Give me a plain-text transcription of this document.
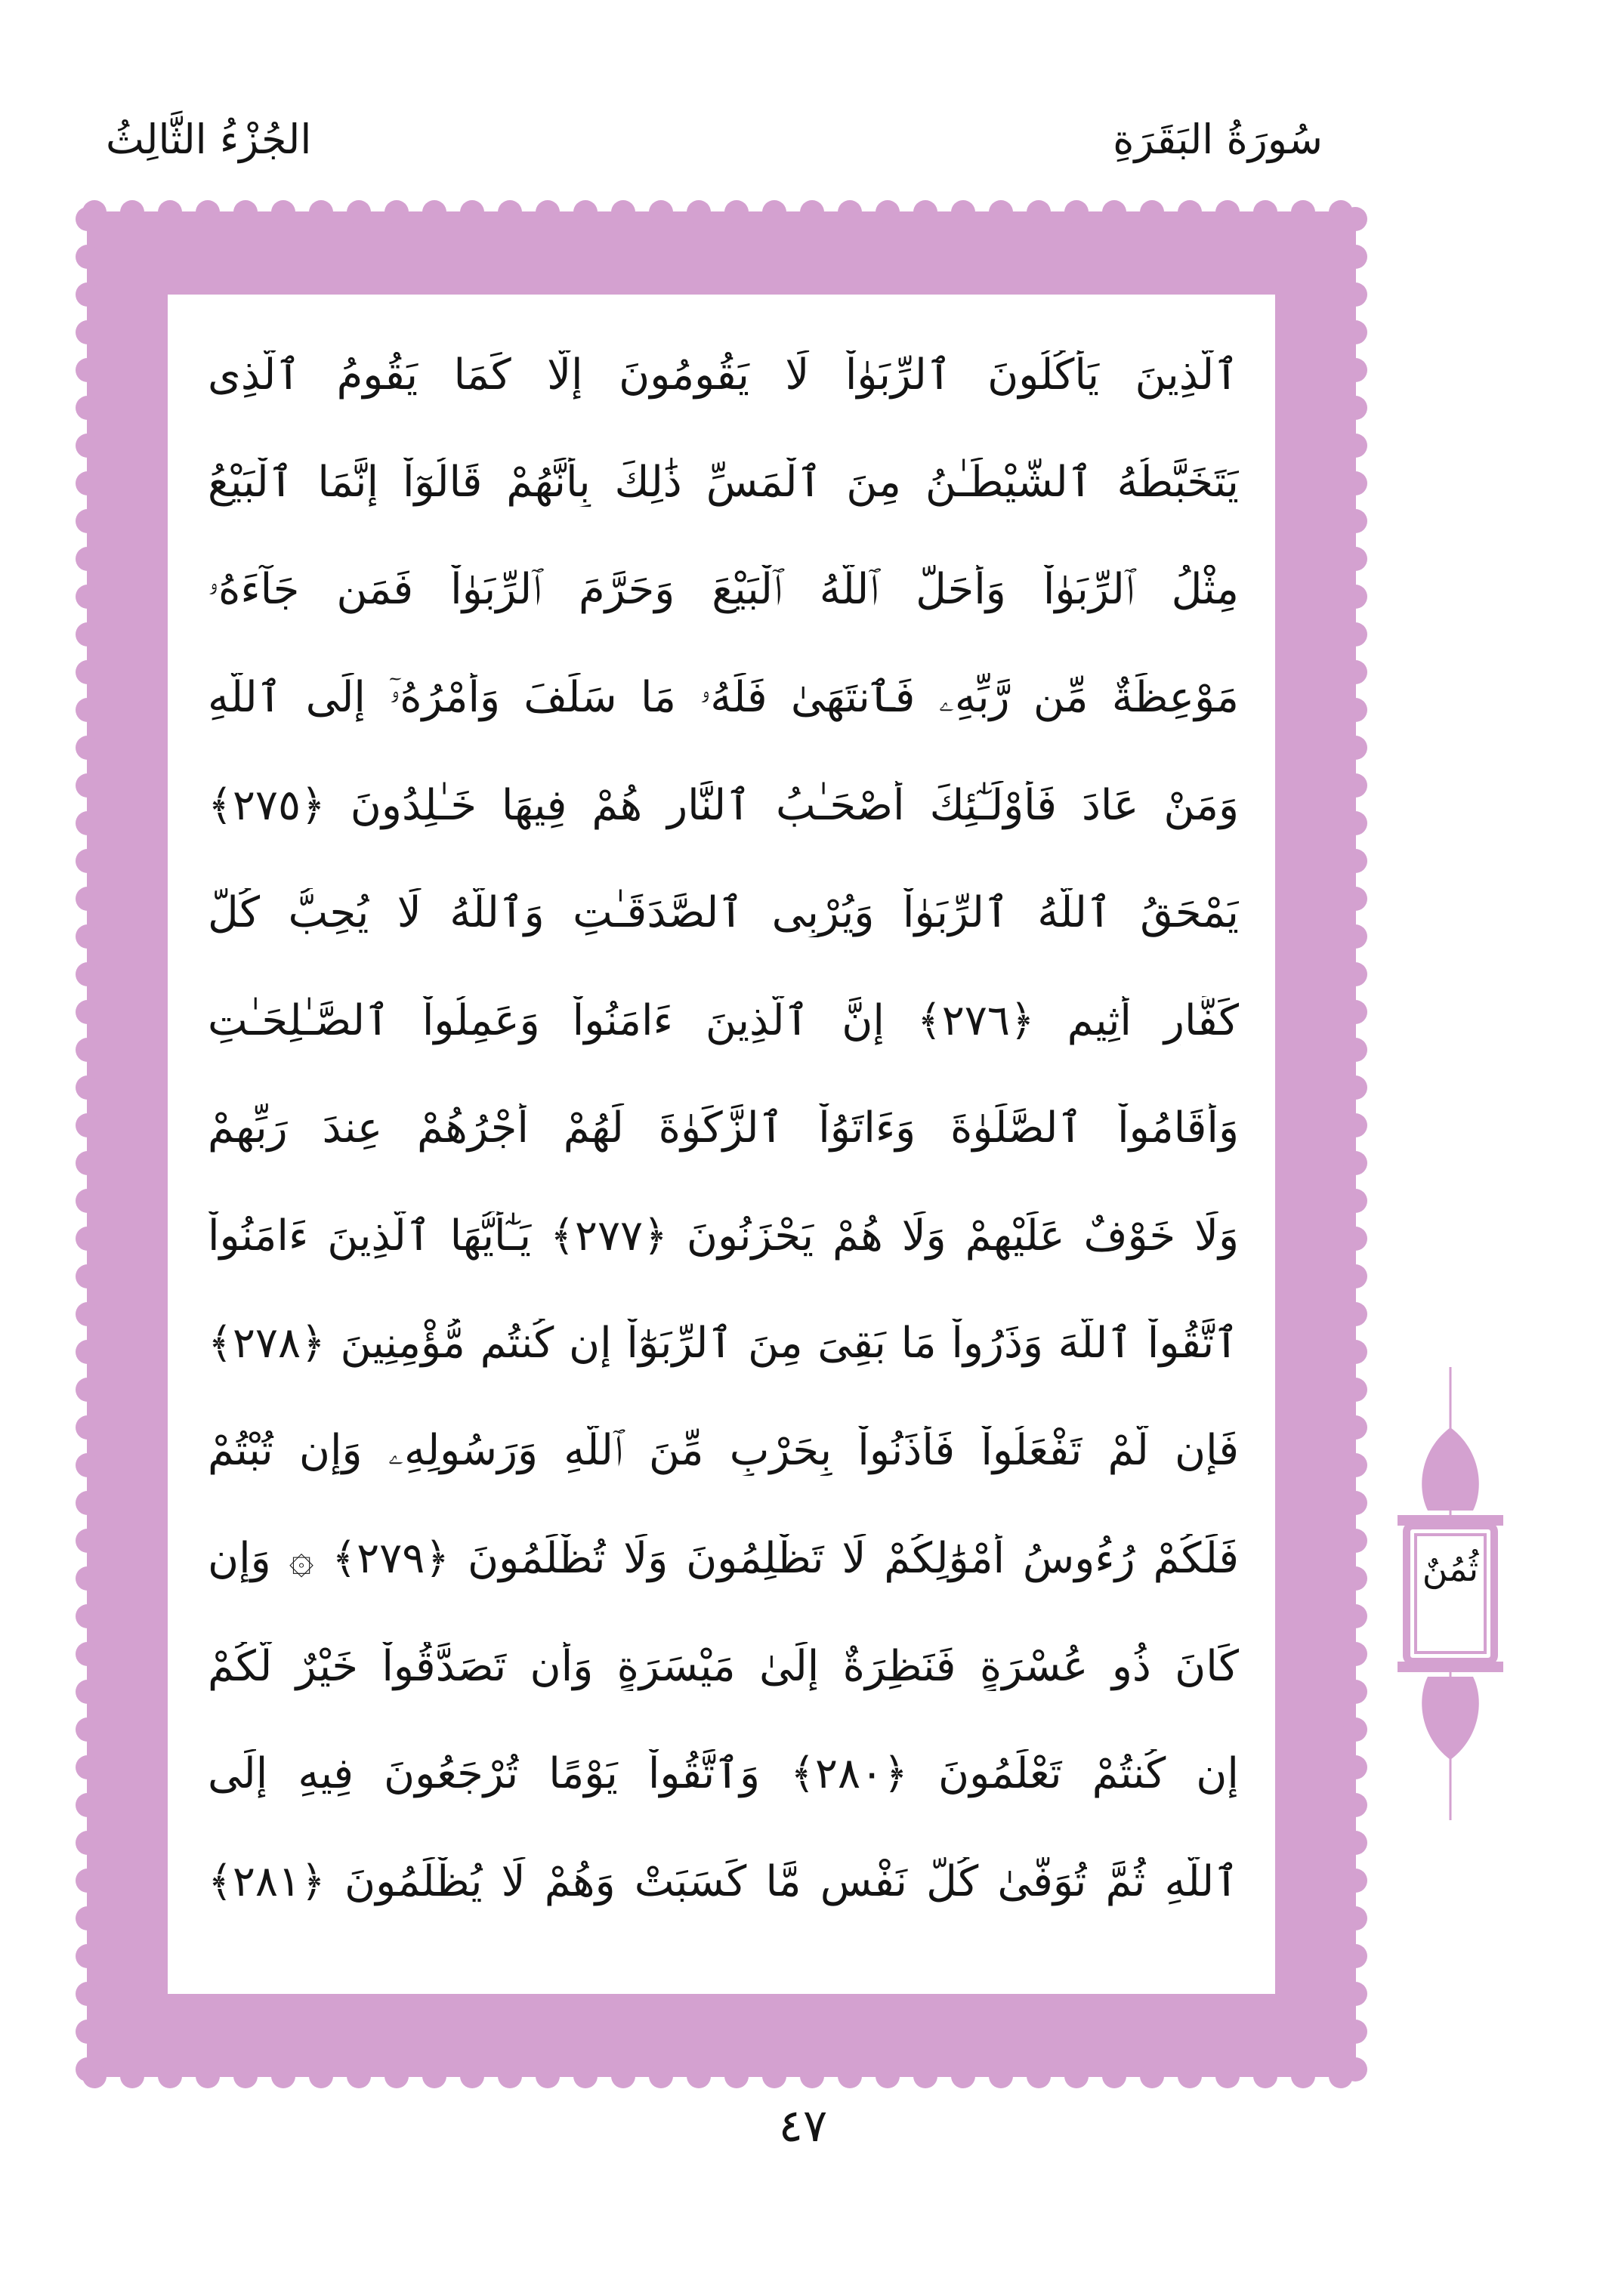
سُورَةُ البَقَرَةِ
الجُزْءُ الثَّالِثُ
ٱلَّذِينَ يَأْكُلُونَ ٱلرِّبَوٰاْ لَا يَقُومُونَ إِلَّا كَمَا يَقُومُ ٱلَّذِى
يَتَخَبَّطُهُ ٱلشَّيْطَـٰنُ مِنَ ٱلْمَسِّ ذَٰلِكَ بِأَنَّهُمْ قَالُوٓاْ إِنَّمَا ٱلْبَيْعُ
مِثْلُ ٱلرِّبَوٰاْ وَأَحَلَّ ٱللَّهُ ٱلْبَيْعَ وَحَرَّمَ ٱلرِّبَوٰاْ فَمَن جَآءَهُۥ
مَوْعِظَةٌ مِّن رَّبِّهِۦ فَٱنتَهَىٰ فَلَهُۥ مَا سَلَفَ وَأَمْرُهُۥٓ إِلَى ٱللَّهِ
وَمَنْ عَادَ فَأُوْلَـٰٓئِكَ أَصْحَـٰبُ ٱلنَّارِ هُمْ فِيهَا خَـٰلِدُونَ ﴿٢٧٥﴾
يَمْحَقُ ٱللَّهُ ٱلرِّبَوٰاْ وَيُرْبِى ٱلصَّدَقَـٰتِ وَٱللَّهُ لَا يُحِبُّ كُلَّ
كَفَّارٍ أَثِيمٍ ﴿٢٧٦﴾ إِنَّ ٱلَّذِينَ ءَامَنُواْ وَعَمِلُواْ ٱلصَّـٰلِحَـٰتِ
وَأَقَامُواْ ٱلصَّلَوٰةَ وَءَاتَوُاْ ٱلزَّكَوٰةَ لَهُمْ أَجْرُهُمْ عِندَ رَبِّهِمْ
وَلَا خَوْفٌ عَلَيْهِمْ وَلَا هُمْ يَحْزَنُونَ ﴿٢٧٧﴾ يَـٰٓأَيُّهَا ٱلَّذِينَ ءَامَنُواْ
ٱتَّقُواْ ٱللَّهَ وَذَرُواْ مَا بَقِىَ مِنَ ٱلرِّبَوٰٓاْ إِن كُنتُم مُّؤْمِنِينَ ﴿٢٧٨﴾
فَإِن لَّمْ تَفْعَلُواْ فَأْذَنُواْ بِحَرْبٍ مِّنَ ٱللَّهِ وَرَسُولِهِۦ وَإِن تُبْتُمْ
فَلَكُمْ رُءُوسُ أَمْوَٰلِكُمْ لَا تَظْلِمُونَ وَلَا تُظْلَمُونَ ﴿٢٧٩﴾ ۞ وَإِن
كَانَ ذُو عُسْرَةٍ فَنَظِرَةٌ إِلَىٰ مَيْسَرَةٍ وَأَن تَصَدَّقُواْ خَيْرٌ لَّكُمْ
إِن كُنتُمْ تَعْلَمُونَ ﴿٢٨٠﴾ وَٱتَّقُواْ يَوْمًا تُرْجَعُونَ فِيهِ إِلَى
ٱللَّهِ ثُمَّ تُوَفَّىٰ كُلُّ نَفْسٍ مَّا كَسَبَتْ وَهُمْ لَا يُظْلَمُونَ ﴿٢٨١﴾
ثُمُنٌ
٤٧
